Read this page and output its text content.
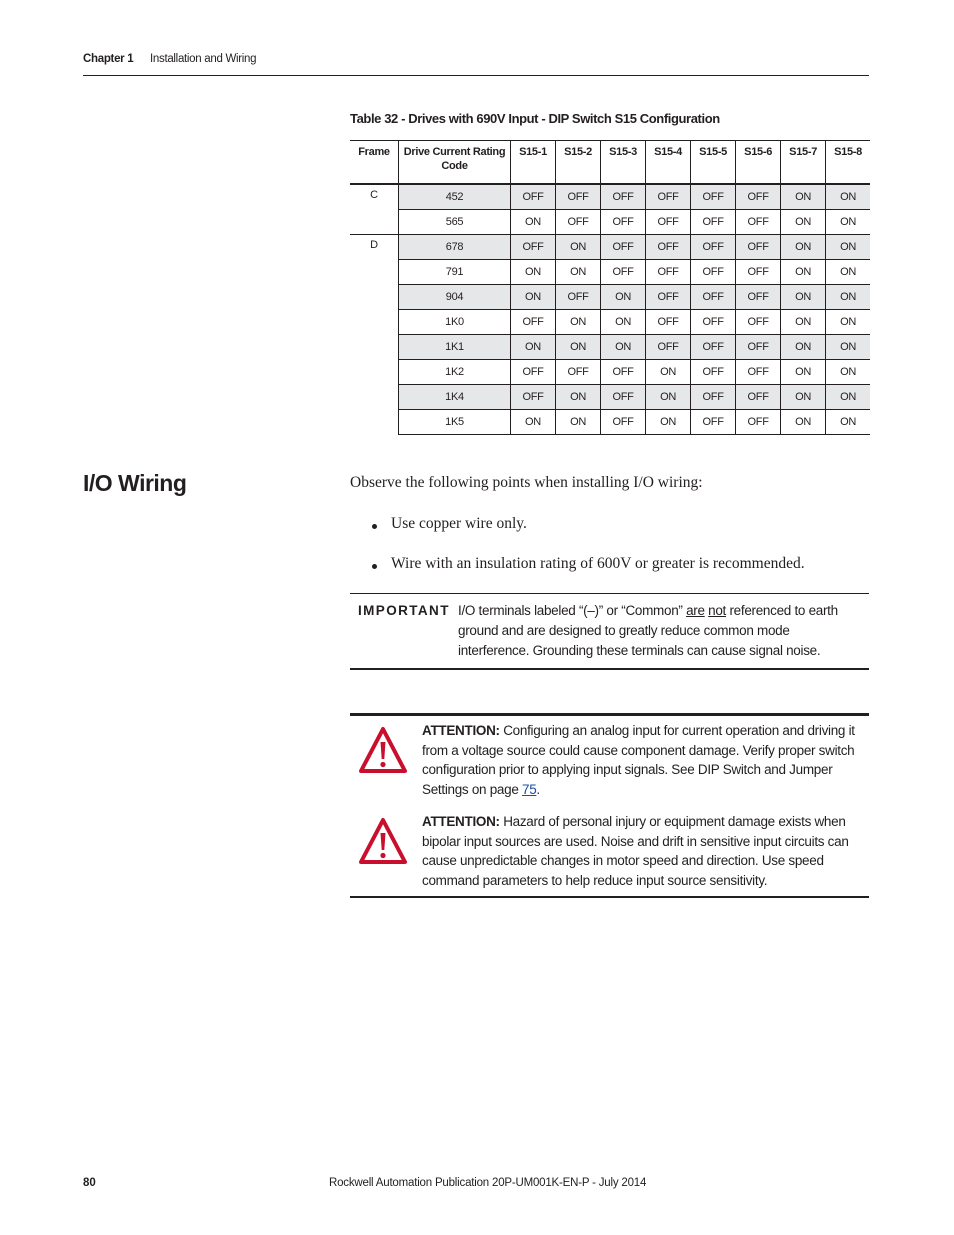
Chapter 1 Installation and Wiring
Table 32 - Drives with 690V Input - DIP Switch S15 Configuration
Frame	Drive Current Rating Code	S15-1	S15-2	S15-3	S15-4	S15-5	S15-6	S15-7	S15-8
C	452	OFF	OFF	OFF	OFF	OFF	OFF	ON	ON
	565	ON	OFF	OFF	OFF	OFF	OFF	ON	ON
D	678	OFF	ON	OFF	OFF	OFF	OFF	ON	ON
	791	ON	ON	OFF	OFF	OFF	OFF	ON	ON
	904	ON	OFF	ON	OFF	OFF	OFF	ON	ON
	1K0	OFF	ON	ON	OFF	OFF	OFF	ON	ON
	1K1	ON	ON	ON	OFF	OFF	OFF	ON	ON
	1K2	OFF	OFF	OFF	ON	OFF	OFF	ON	ON
	1K4	OFF	ON	OFF	ON	OFF	OFF	ON	ON
	1K5	ON	ON	OFF	ON	OFF	OFF	ON	ON
I/O Wiring	Observe the following points when installing I/O wiring:
Use copper wire only.
Wire with an insulation rating of 600V or greater is recommended.
IMPORTANT I/O terminals labeled “(–)” or “Common” are not referenced to earth ground and are designed to greatly reduce common mode interference. Grounding these terminals can cause signal noise.
ATTENTION: Configuring an analog input for current operation and driving it from a voltage source could cause component damage. Verify proper switch configuration prior to applying input signals. See DIP Switch and Jumper Settings on page 75.
ATTENTION: Hazard of personal injury or equipment damage exists when bipolar input sources are used. Noise and drift in sensitive input circuits can cause unpredictable changes in motor speed and direction. Use speed command parameters to help reduce input source sensitivity.
80	Rockwell Automation Publication 20P-UM001K-EN-P - July 2014
